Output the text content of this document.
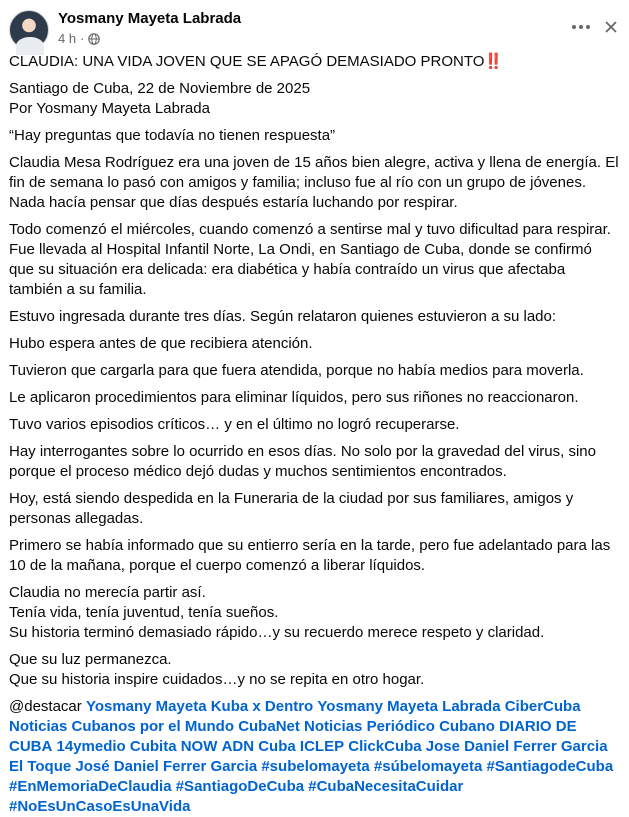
Yosmany Mayeta Labrada
4 h ·
CLAUDIA: UNA VIDA JOVEN QUE SE APAGÓ DEMASIADO PRONTO‼️
Santiago de Cuba, 22 de Noviembre de 2025
Por Yosmany Mayeta Labrada
“Hay preguntas que todavía no tienen respuesta”
Claudia Mesa Rodríguez era una joven de 15 años bien alegre, activa y llena de energía. El fin de semana lo pasó con amigos y familia; incluso fue al río con un grupo de jóvenes. Nada hacía pensar que días después estaría luchando por respirar.
Todo comenzó el miércoles, cuando comenzó a sentirse mal y tuvo dificultad para respirar. Fue llevada al Hospital Infantil Norte, La Ondi, en Santiago de Cuba, donde se confirmó que su situación era delicada: era diabética y había contraído un virus que afectaba también a su familia.
Estuvo ingresada durante tres días. Según relataron quienes estuvieron a su lado:
Hubo espera antes de que recibiera atención.
Tuvieron que cargarla para que fuera atendida, porque no había medios para moverla.
Le aplicaron procedimientos para eliminar líquidos, pero sus riñones no reaccionaron.
Tuvo varios episodios críticos… y en el último no logró recuperarse.
Hay interrogantes sobre lo ocurrido en esos días. No solo por la gravedad del virus, sino porque el proceso médico dejó dudas y muchos sentimientos encontrados.
Hoy, está siendo despedida en la Funeraria de la ciudad por sus familiares, amigos y personas allegadas.
Primero se había informado que su entierro sería en la tarde, pero fue adelantado para las 10 de la mañana, porque el cuerpo comenzó a liberar líquidos.
Claudia no merecía partir así.
Tenía vida, tenía juventud, tenía sueños.
Su historia terminó demasiado rápido…y su recuerdo merece respeto y claridad.
Que su luz permanezca.
Que su historia inspire cuidados…y no se repita en otro hogar.
@destacar Yosmany Mayeta Kuba x Dentro Yosmany Mayeta Labrada CiberCuba Noticias Cubanos por el Mundo CubaNet Noticias Periódico Cubano DIARIO DE CUBA 14ymedio Cubita NOW ADN Cuba ICLEP ClickCuba Jose Daniel Ferrer Garcia El Toque José Daniel Ferrer Garcia #subelomayeta #súbelomayeta #SantiagodeCuba #EnMemoriaDeClaudia #SantiagoDeCuba #CubaNecesitaCuidar #NoEsUnCasoEsUnaVida
